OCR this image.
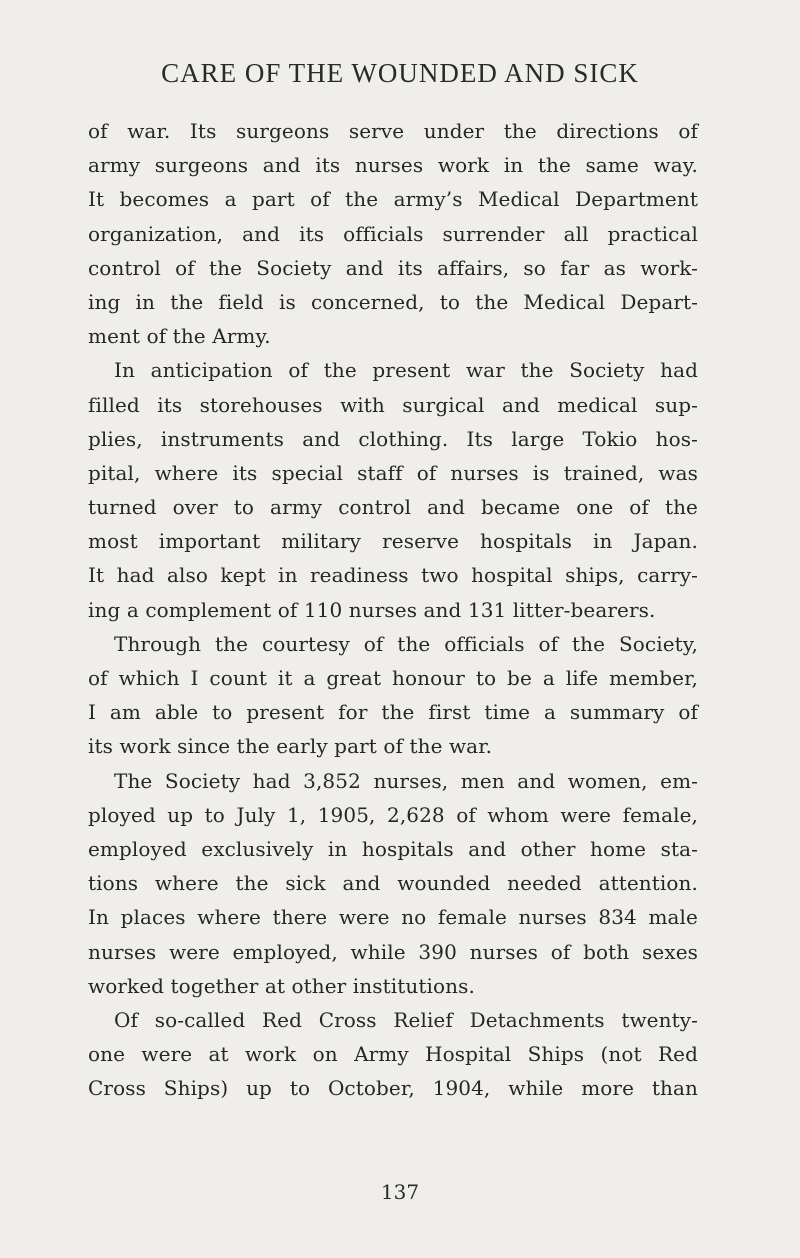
CARE OF THE WOUNDED AND SICK
of war. Its surgeons serve under the directions of
army surgeons and its nurses work in the same way.
It becomes a part of the army’s Medical Department
organization, and its officials surrender all practical
control of the Society and its affairs, so far as work-
ing in the field is concerned, to the Medical Depart-
ment of the Army.
In anticipation of the present war the Society had
filled its storehouses with surgical and medical sup-
plies, instruments and clothing. Its large Tokio hos-
pital, where its special staff of nurses is trained, was
turned over to army control and became one of the
most important military reserve hospitals in Japan.
It had also kept in readiness two hospital ships, carry-
ing a complement of 110 nurses and 131 litter-bearers.
Through the courtesy of the officials of the Society,
of which I count it a great honour to be a life member,
I am able to present for the first time a summary of
its work since the early part of the war.
The Society had 3,852 nurses, men and women, em-
ployed up to July 1, 1905, 2,628 of whom were female,
employed exclusively in hospitals and other home sta-
tions where the sick and wounded needed attention.
In places where there were no female nurses 834 male
nurses were employed, while 390 nurses of both sexes
worked together at other institutions.
Of so-called Red Cross Relief Detachments twenty-
one were at work on Army Hospital Ships (not Red
Cross Ships) up to October, 1904, while more than
137
